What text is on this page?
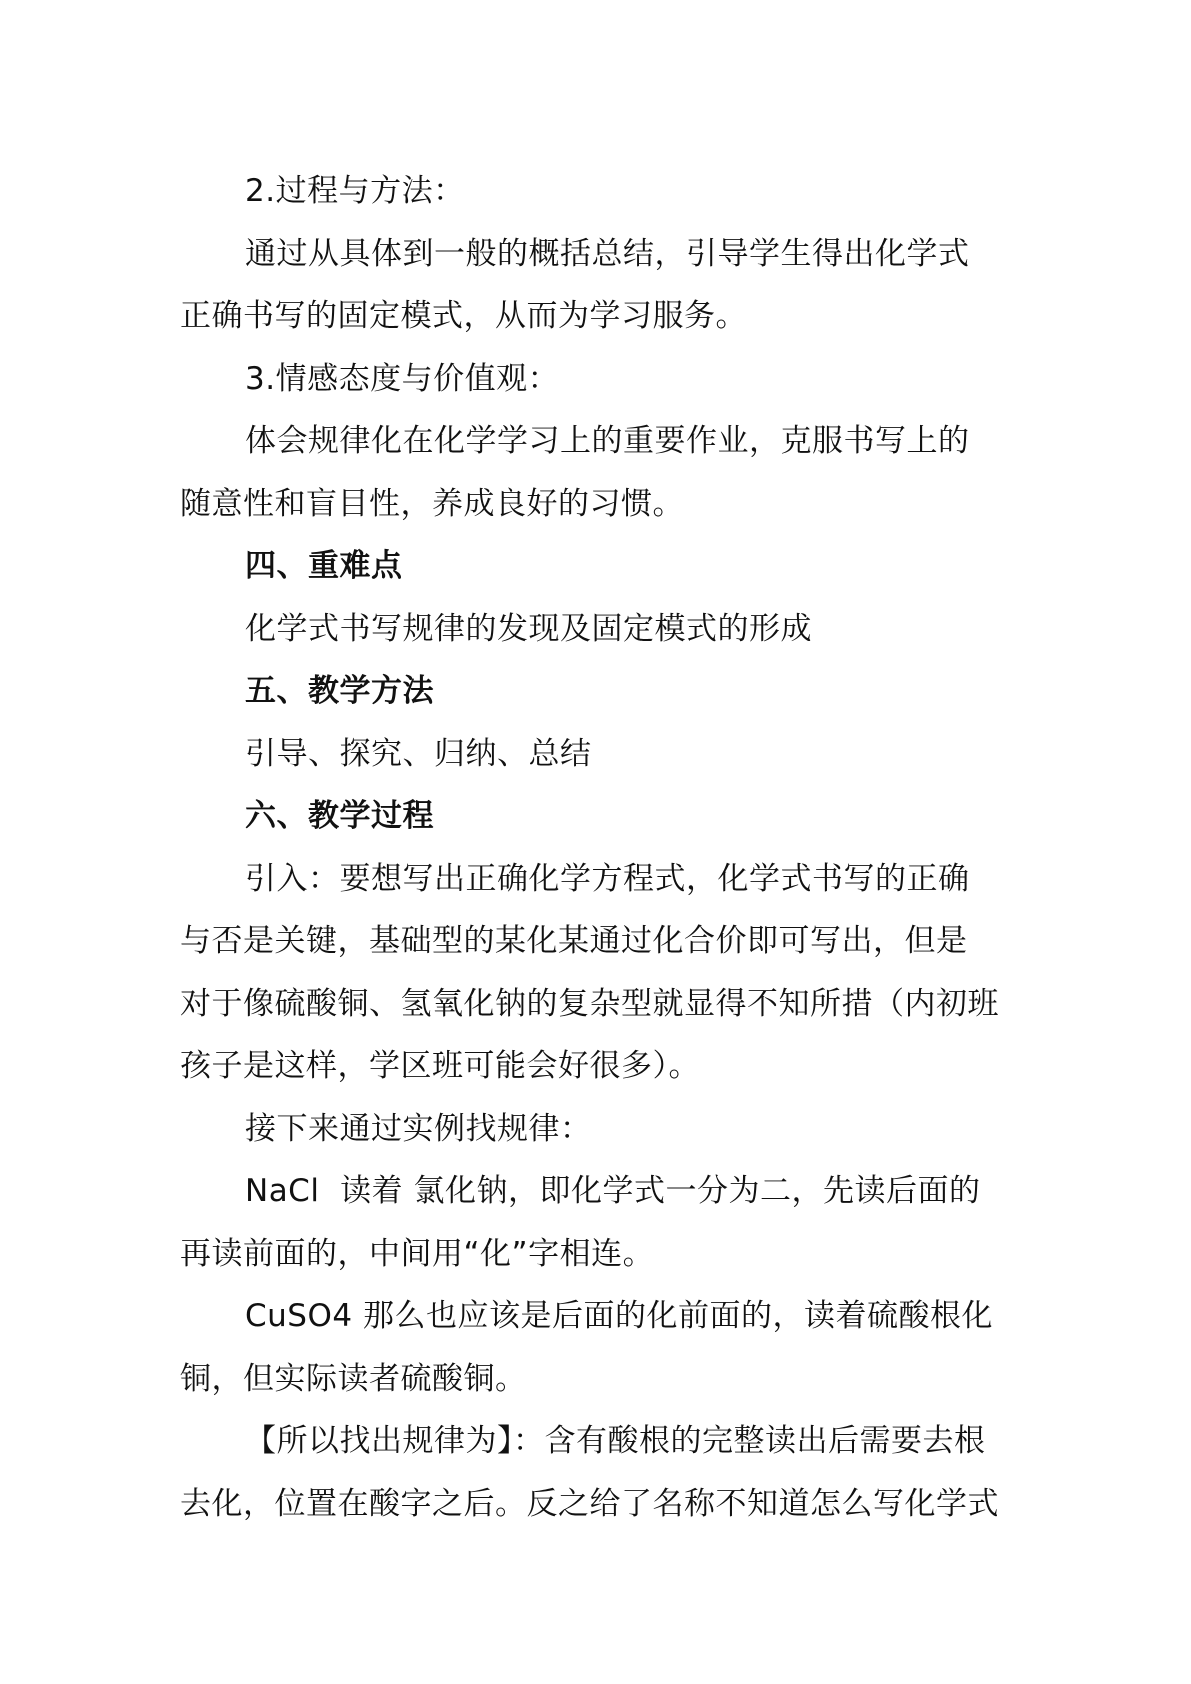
2.过程与方法：
通过从具体到一般的概括总结，引导学生得出化学式
正确书写的固定模式，从而为学习服务。
3.情感态度与价值观：
体会规律化在化学学习上的重要作业，克服书写上的
随意性和盲目性，养成良好的习惯。
四、重难点
化学式书写规律的发现及固定模式的形成
五、教学方法
引导、探究、归纳、总结
六、教学过程
引入：要想写出正确化学方程式，化学式书写的正确
与否是关键，基础型的某化某通过化合价即可写出，但是
对于像硫酸铜、氢氧化钠的复杂型就显得不知所措（内初班
孩子是这样，学区班可能会好很多）。
接下来通过实例找规律：
NaCl  读着 氯化钠，即化学式一分为二，先读后面的
再读前面的，中间用“化”字相连。
CuSO4 那么也应该是后面的化前面的，读着硫酸根化
铜，但实际读者硫酸铜。
【所以找出规律为】：含有酸根的完整读出后需要去根
去化，位置在酸字之后。反之给了名称不知道怎么写化学式
